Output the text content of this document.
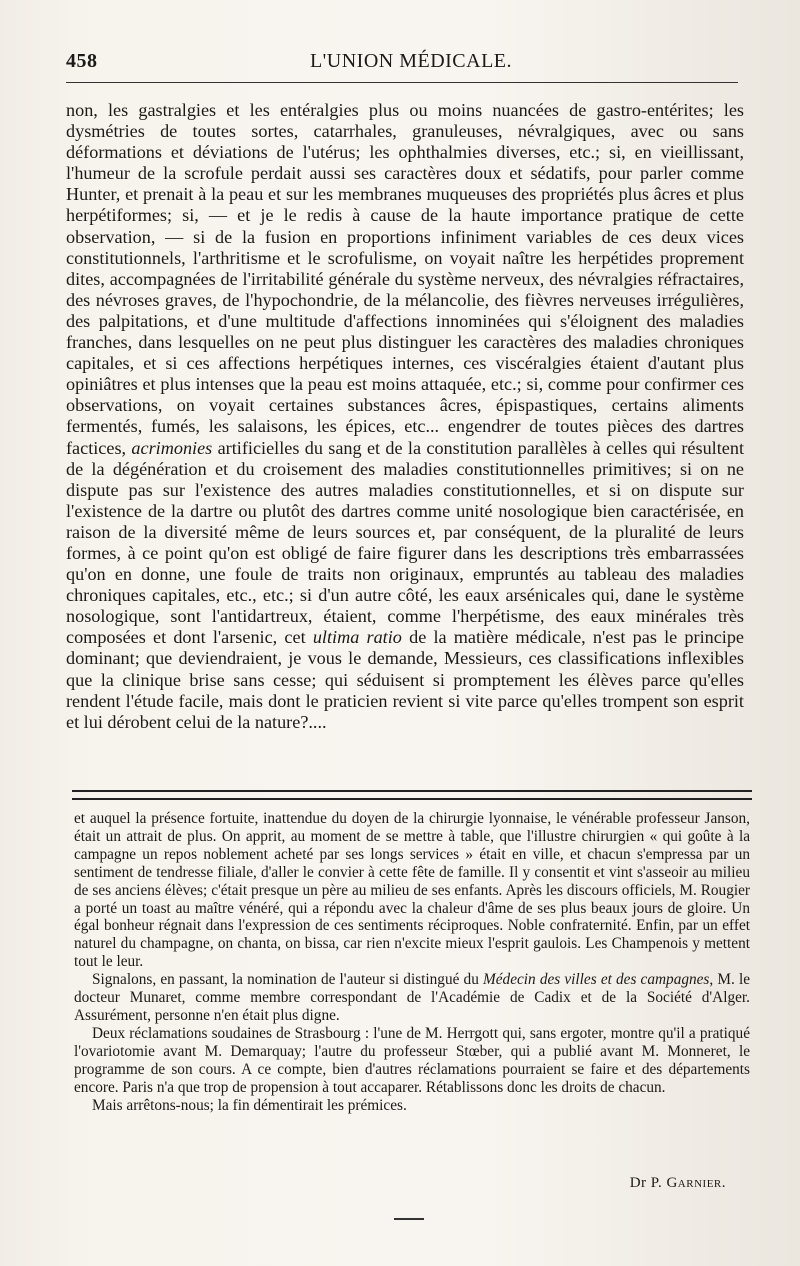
458	L'UNION MÉDICALE.

non, les gastralgies et les entéralgies plus ou moins nuancées de gastro-entérites; les dysmétries de toutes sortes, catarrhales, granuleuses, névralgiques, avec ou sans déformations et déviations de l'utérus; les ophthalmies diverses, etc.; si, en vieillissant, l'humeur de la scrofule perdait aussi ses caractères doux et sédatifs, pour parler comme Hunter, et prenait à la peau et sur les membranes muqueuses des propriétés plus âcres et plus herpétiformes; si, — et je le redis à cause de la haute importance pratique de cette observation, — si de la fusion en proportions infiniment variables de ces deux vices constitutionnels, l'arthritisme et le scrofulisme, on voyait naître les herpétides proprement dites, accompagnées de l'irritabilité générale du système nerveux, des névralgies réfractaires, des névroses graves, de l'hypochondrie, de la mélancolie, des fièvres nerveuses irrégulières, des palpitations, et d'une multitude d'affections innominées qui s'éloignent des maladies franches, dans lesquelles on ne peut plus distinguer les caractères des maladies chroniques capitales, et si ces affections herpétiques internes, ces viscéralgies étaient d'autant plus opiniâtres et plus intenses que la peau est moins attaquée, etc.; si, comme pour confirmer ces observations, on voyait certaines substances âcres, épispastiques, certains aliments fermentés, fumés, les salaisons, les épices, etc... engendrer de toutes pièces des dartres factices, acrimonies artificielles du sang et de la constitution parallèles à celles qui résultent de la dégénération et du croisement des maladies constitutionnelles primitives; si on ne dispute pas sur l'existence des autres maladies constitutionnelles, et si on dispute sur l'existence de la dartre ou plutôt des dartres comme unité nosologique bien caractérisée, en raison de la diversité même de leurs sources et, par conséquent, de la pluralité de leurs formes, à ce point qu'on est obligé de faire figurer dans les descriptions très embarrassées qu'on en donne, une foule de traits non originaux, empruntés au tableau des maladies chroniques capitales, etc., etc.; si d'un autre côté, les eaux arsénicales qui, dane le système nosologique, sont l'antidartreux, étaient, comme l'herpétisme, des eaux minérales très composées et dont l'arsenic, cet ultima ratio de la matière médicale, n'est pas le principe dominant; que deviendraient, je vous le demande, Messieurs, ces classifications inflexibles que la clinique brise sans cesse; qui séduisent si promptement les élèves parce qu'elles rendent l'étude facile, mais dont le praticien revient si vite parce qu'elles trompent son esprit et lui dérobent celui de la nature?....

et auquel la présence fortuite, inattendue du doyen de la chirurgie lyonnaise, le vénérable professeur Janson, était un attrait de plus. On apprit, au moment de se mettre à table, que l'illustre chirurgien « qui goûte à la campagne un repos noblement acheté par ses longs services » était en ville, et chacun s'empressa par un sentiment de tendresse filiale, d'aller le convier à cette fête de famille. Il y consentit et vint s'asseoir au milieu de ses anciens élèves; c'était presque un père au milieu de ses enfants. Après les discours officiels, M. Rougier a porté un toast au maître vénéré, qui a répondu avec la chaleur d'âme de ses plus beaux jours de gloire. Un égal bonheur régnait dans l'expression de ces sentiments réciproques. Noble confraternité. Enfin, par un effet naturel du champagne, on chanta, on bissa, car rien n'excite mieux l'esprit gaulois. Les Champenois y mettent tout le leur.

Signalons, en passant, la nomination de l'auteur si distingué du Médecin des villes et des campagnes, M. le docteur Munaret, comme membre correspondant de l'Académie de Cadix et de la Société d'Alger. Assurément, personne n'en était plus digne.

Deux réclamations soudaines de Strasbourg : l'une de M. Herrgott qui, sans ergoter, montre qu'il a pratiqué l'ovariotomie avant M. Demarquay; l'autre du professeur Stœber, qui a publié avant M. Monneret, le programme de son cours. A ce compte, bien d'autres réclamations pourraient se faire et des départements encore. Paris n'a que trop de propension à tout accaparer. Rétablissons donc les droits de chacun.

Mais arrêtons-nous; la fin démentirait les prémices.

Dr P. Garnier.
